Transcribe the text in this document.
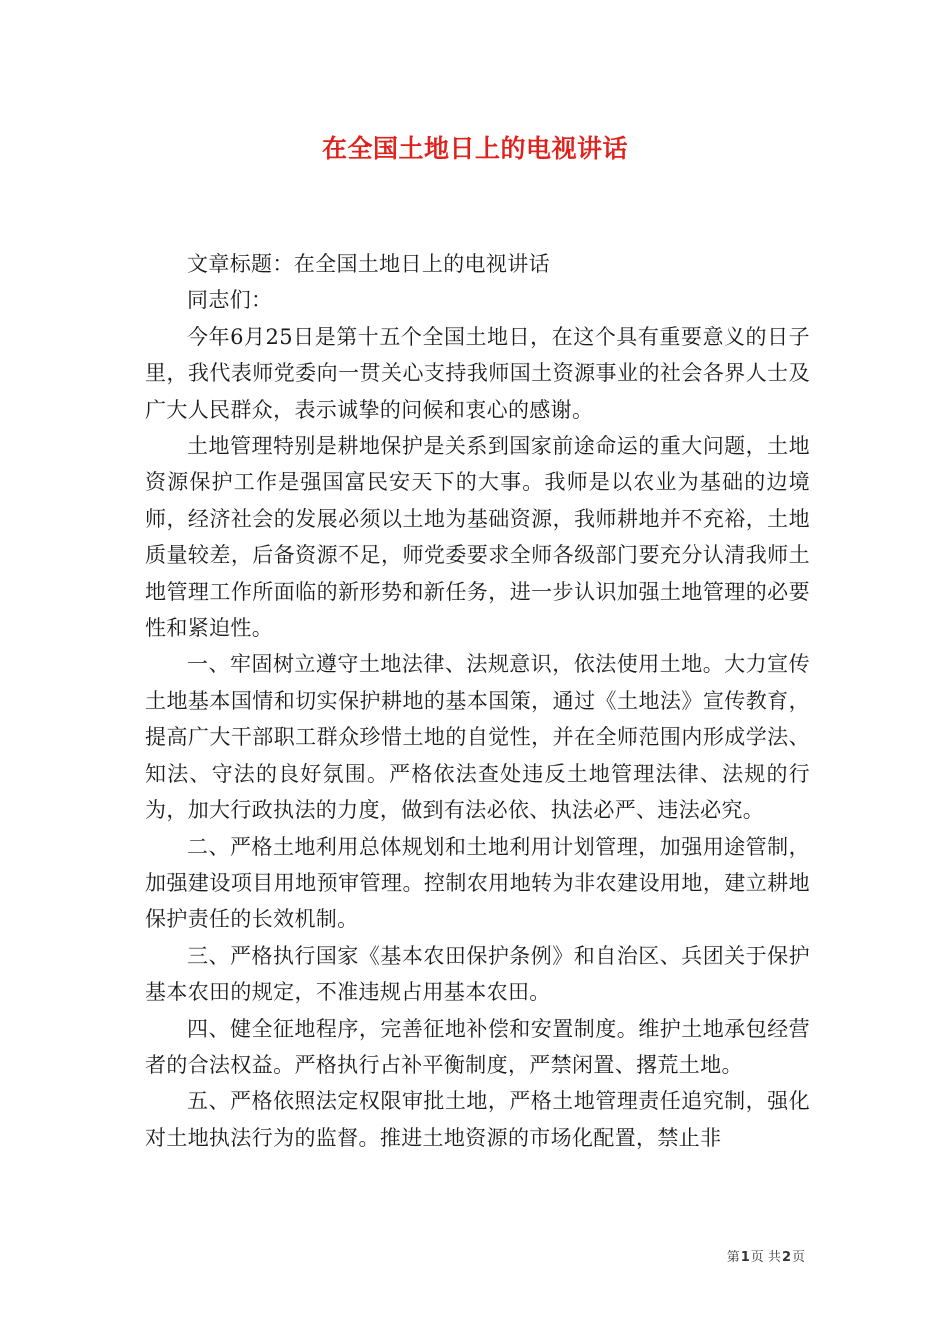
在全国土地日上的电视讲话

文章标题：在全国土地日上的电视讲话

同志们：

今年6月25日是第十五个全国土地日，在这个具有重要意义的日子里，我代表师党委向一贯关心支持我师国土资源事业的社会各界人士及广大人民群众，表示诚挚的问候和衷心的感谢。

土地管理特别是耕地保护是关系到国家前途命运的重大问题，土地资源保护工作是强国富民安天下的大事。我师是以农业为基础的边境师，经济社会的发展必须以土地为基础资源，我师耕地并不充裕，土地质量较差，后备资源不足，师党委要求全师各级部门要充分认清我师土地管理工作所面临的新形势和新任务，进一步认识加强土地管理的必要性和紧迫性。

一、牢固树立遵守土地法律、法规意识，依法使用土地。大力宣传土地基本国情和切实保护耕地的基本国策，通过《土地法》宣传教育，提高广大干部职工群众珍惜土地的自觉性，并在全师范围内形成学法、知法、守法的良好氛围。严格依法查处违反土地管理法律、法规的行为，加大行政执法的力度，做到有法必依、执法必严、违法必究。

二、严格土地利用总体规划和土地利用计划管理，加强用途管制，加强建设项目用地预审管理。控制农用地转为非农建设用地，建立耕地保护责任的长效机制。

三、严格执行国家《基本农田保护条例》和自治区、兵团关于保护基本农田的规定，不准违规占用基本农田。

四、健全征地程序，完善征地补偿和安置制度。维护土地承包经营者的合法权益。严格执行占补平衡制度，严禁闲置、撂荒土地。

五、严格依照法定权限审批土地，严格土地管理责任追究制，强化对土地执法行为的监督。推进土地资源的市场化配置，禁止非

第1页 共2页
